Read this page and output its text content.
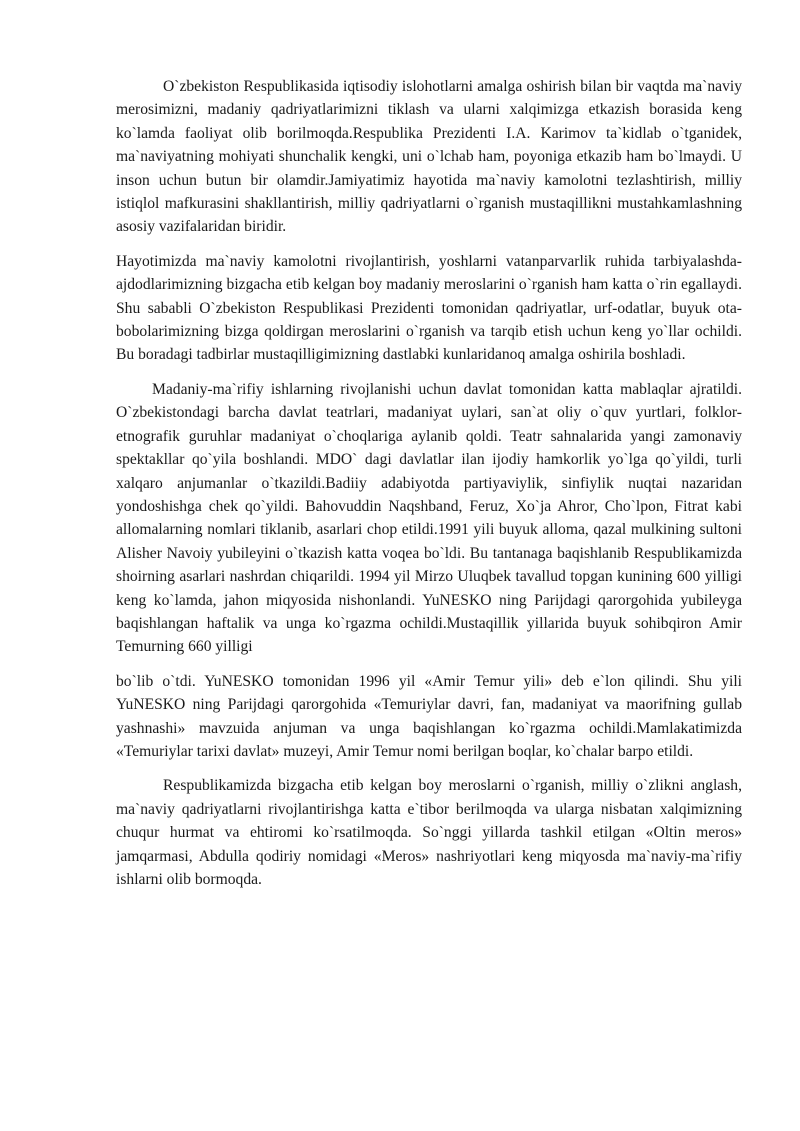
O`zbekiston Respublikasida iqtisodiy islohotlarni amalga oshirish bilan bir vaqtda ma`naviy merosimizni, madaniy qadriyatlarimizni tiklash va ularni xalqimizga etkazish borasida keng ko`lamda faoliyat olib borilmoqda.Respublika Prezidenti I.A. Karimov ta`kidlab o`tganidek, ma`naviyatning mohiyati shunchalik kengki, uni o`lchab ham, poyoniga etkazib ham bo`lmaydi. U inson uchun butun bir olamdir.Jamiyatimiz hayotida ma`naviy kamolotni tezlashtirish, milliy istiqlol mafkurasini shakllantirish, milliy qadriyatlarni o`rganish mustaqillikni mustahkamlashning asosiy vazifalaridan biridir.

Hayotimizda ma`naviy kamolotni rivojlantirish, yoshlarni vatanparvarlik ruhida tarbiyalashda-ajdodlarimizning bizgacha etib kelgan boy madaniy meroslarini o`rganish ham katta o`rin egallaydi. Shu sababli O`zbekiston Respublikasi Prezidenti tomonidan qadriyatlar, urf-odatlar, buyuk ota-bobolarimizning bizga qoldirgan meroslarini o`rganish va tarqib etish uchun keng yo`llar ochildi. Bu boradagi tadbirlar mustaqilligimizning dastlabki kunlaridanoq amalga oshirila boshladi.

Madaniy-ma`rifiy ishlarning rivojlanishi uchun davlat tomonidan katta mablaqlar ajratildi. O`zbekistondagi barcha davlat teatrlari, madaniyat uylari, san`at oliy o`quv yurtlari, folklor-etnografik guruhlar madaniyat o`choqlariga aylanib qoldi. Teatr sahnalarida yangi zamonaviy spektakllar qo`yila boshlandi. MDO` dagi davlatlar ilan ijodiy hamkorlik yo`lga qo`yildi, turli xalqaro anjumanlar o`tkazildi.Badiiy adabiyotda partiyaviylik, sinfiylik nuqtai nazaridan yondoshishga chek qo`yildi. Bahovuddin Naqshband, Feruz, Xo`ja Ahror, Cho`lpon, Fitrat kabi allomalarning nomlari tiklanib, asarlari chop etildi.1991 yili buyuk alloma, qazal mulkining sultoni Alisher Navoiy yubileyini o`tkazish katta voqea bo`ldi. Bu tantanaga baqishlanib Respublikamizda shoirning asarlari nashrdan chiqarildi. 1994 yil Mirzo Uluqbek tavallud topgan kunining 600 yilligi keng ko`lamda, jahon miqyosida nishonlandi. YuNESKO ning Parijdagi qarorgohida yubileyga baqishlangan haftalik va unga ko`rgazma ochildi.Mustaqillik yillarida buyuk sohibqiron Amir Temurning 660 yilligi

bo`lib o`tdi. YuNESKO tomonidan 1996 yil «Amir Temur yili» deb e`lon qilindi. Shu yili YuNESKO ning Parijdagi qarorgohida «Temuriylar davri, fan, madaniyat va maorifning gullab yashnashi» mavzuida anjuman va unga baqishlangan ko`rgazma ochildi.Mamlakatimizda «Temuriylar tarixi davlat» muzeyi, Amir Temur nomi berilgan boqlar, ko`chalar barpo etildi.

Respublikamizda bizgacha etib kelgan boy meroslarni o`rganish, milliy o`zlikni anglash, ma`naviy qadriyatlarni rivojlantirishga katta e`tibor berilmoqda va ularga nisbatan xalqimizning chuqur hurmat va ehtiromi ko`rsatilmoqda. So`nggi yillarda tashkil etilgan «Oltin meros» jamqarmasi, Abdulla qodiriy nomidagi «Meros» nashriyotlari keng miqyosda ma`naviy-ma`rifiy ishlarni olib bormoqda.
